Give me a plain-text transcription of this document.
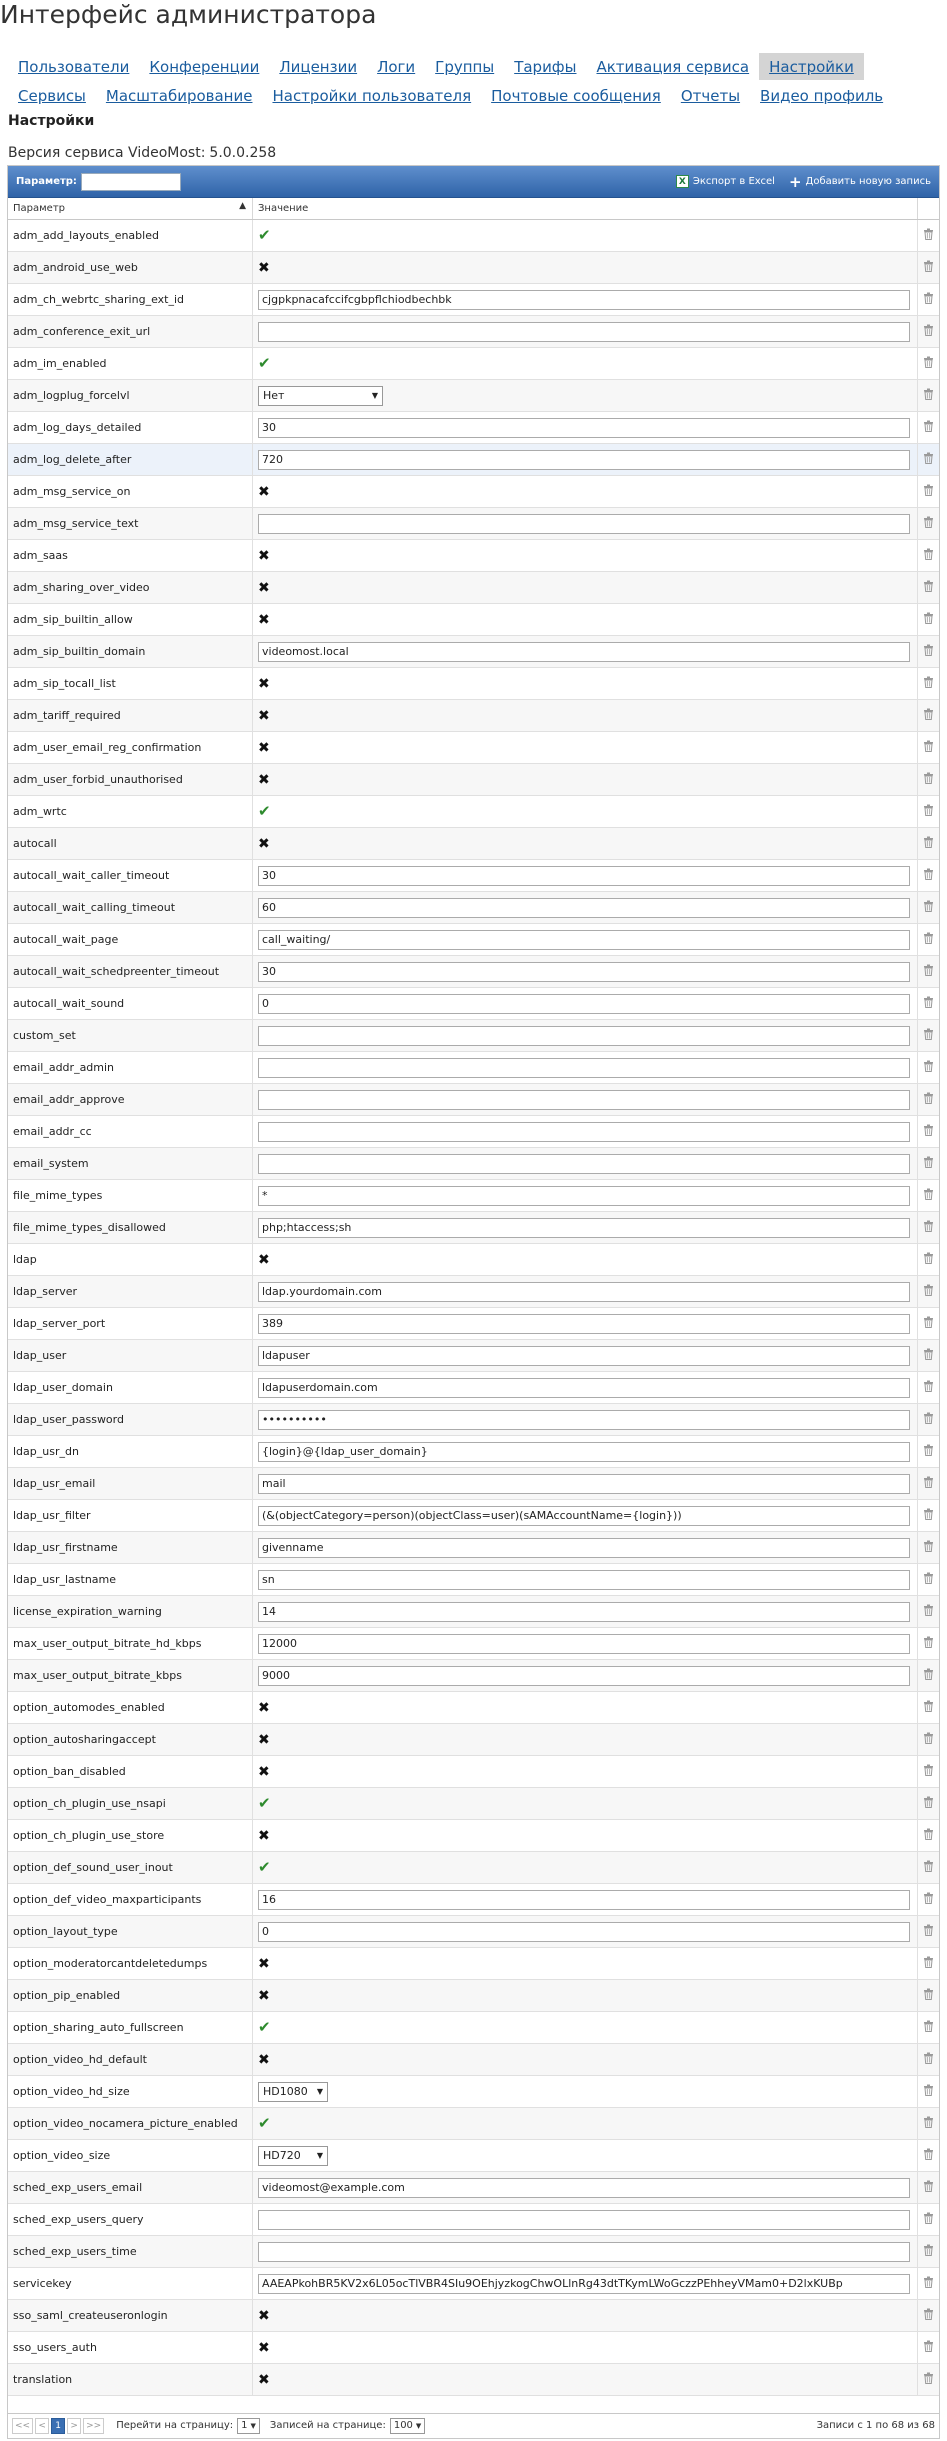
Интерфейс администратора
Пользователи	Конференции	Лицензии	Логи	Группы	Тарифы	Активация сервиса	Настройки
Сервисы	Масштабирование	Настройки пользователя	Почтовые сообщения	Отчеты	Видео профиль
Настройки
Версия сервиса VideoMost: 5.0.0.258
Параметр:	X Экспорт в Excel + Добавить новую запись
Параметр	▲ Значение
adm_add_layouts_enabled	✔
adm_android_use_web	✖
adm_ch_webrtc_sharing_ext_id	cjgpkpnacafccifcgbpflchiodbechbk
adm_conference_exit_url
adm_im_enabled	✔
adm_logplug_forcelvl	Нет	▼
adm_log_days_detailed	30
adm_log_delete_after	720
adm_msg_service_on	✖
adm_msg_service_text
adm_saas	✖
adm_sharing_over_video	✖
adm_sip_builtin_allow	✖
adm_sip_builtin_domain	videomost.local
adm_sip_tocall_list	✖
adm_tariff_required	✖
adm_user_email_reg_confirmation	✖
adm_user_forbid_unauthorised	✖
adm_wrtc	✔
autocall	✖
autocall_wait_caller_timeout	30
autocall_wait_calling_timeout	60
autocall_wait_page	call_waiting/
autocall_wait_schedpreenter_timeout	30
autocall_wait_sound	0
custom_set
email_addr_admin
email_addr_approve
email_addr_cc
email_system
file_mime_types	*
file_mime_types_disallowed	php;htaccess;sh
ldap	✖
ldap_server	ldap.yourdomain.com
ldap_server_port	389
ldap_user	ldapuser
ldap_user_domain	ldapuserdomain.com
ldap_user_password	••••••••••
ldap_usr_dn	{login}@{ldap_user_domain}
ldap_usr_email	mail
ldap_usr_filter	(&(objectCategory=person)(objectClass=user)(sAMAccountName={login}))
ldap_usr_firstname	givenname
ldap_usr_lastname	sn
license_expiration_warning	14
max_user_output_bitrate_hd_kbps	12000
max_user_output_bitrate_kbps	9000
option_automodes_enabled	✖
option_autosharingaccept	✖
option_ban_disabled	✖
option_ch_plugin_use_nsapi	✔
option_ch_plugin_use_store	✖
option_def_sound_user_inout	✔
option_def_video_maxparticipants	16
option_layout_type	0
option_moderatorcantdeletedumps	✖
option_pip_enabled	✖
option_sharing_auto_fullscreen	✔
option_video_hd_default	✖
option_video_hd_size	HD1080	▼
option_video_nocamera_picture_enabled	✔
option_video_size	HD720	▼
sched_exp_users_email	videomost@example.com
sched_exp_users_query
sched_exp_users_time
servicekey	AAEAPkohBR5KV2x6L05ocTlVBR4SIu9OEhjyzkogChwOLlnRg43dtTKymLWoGczzPEhheyVMam0+D2lxKUBp
sso_saml_createuseronlogin	✖
sso_users_auth	✖
translation	✖
<< <	1	> >>	Перейти на страницу: 1 ▼ Записей на странице: 100 ▼	Записи с 1 по 68 из 68
